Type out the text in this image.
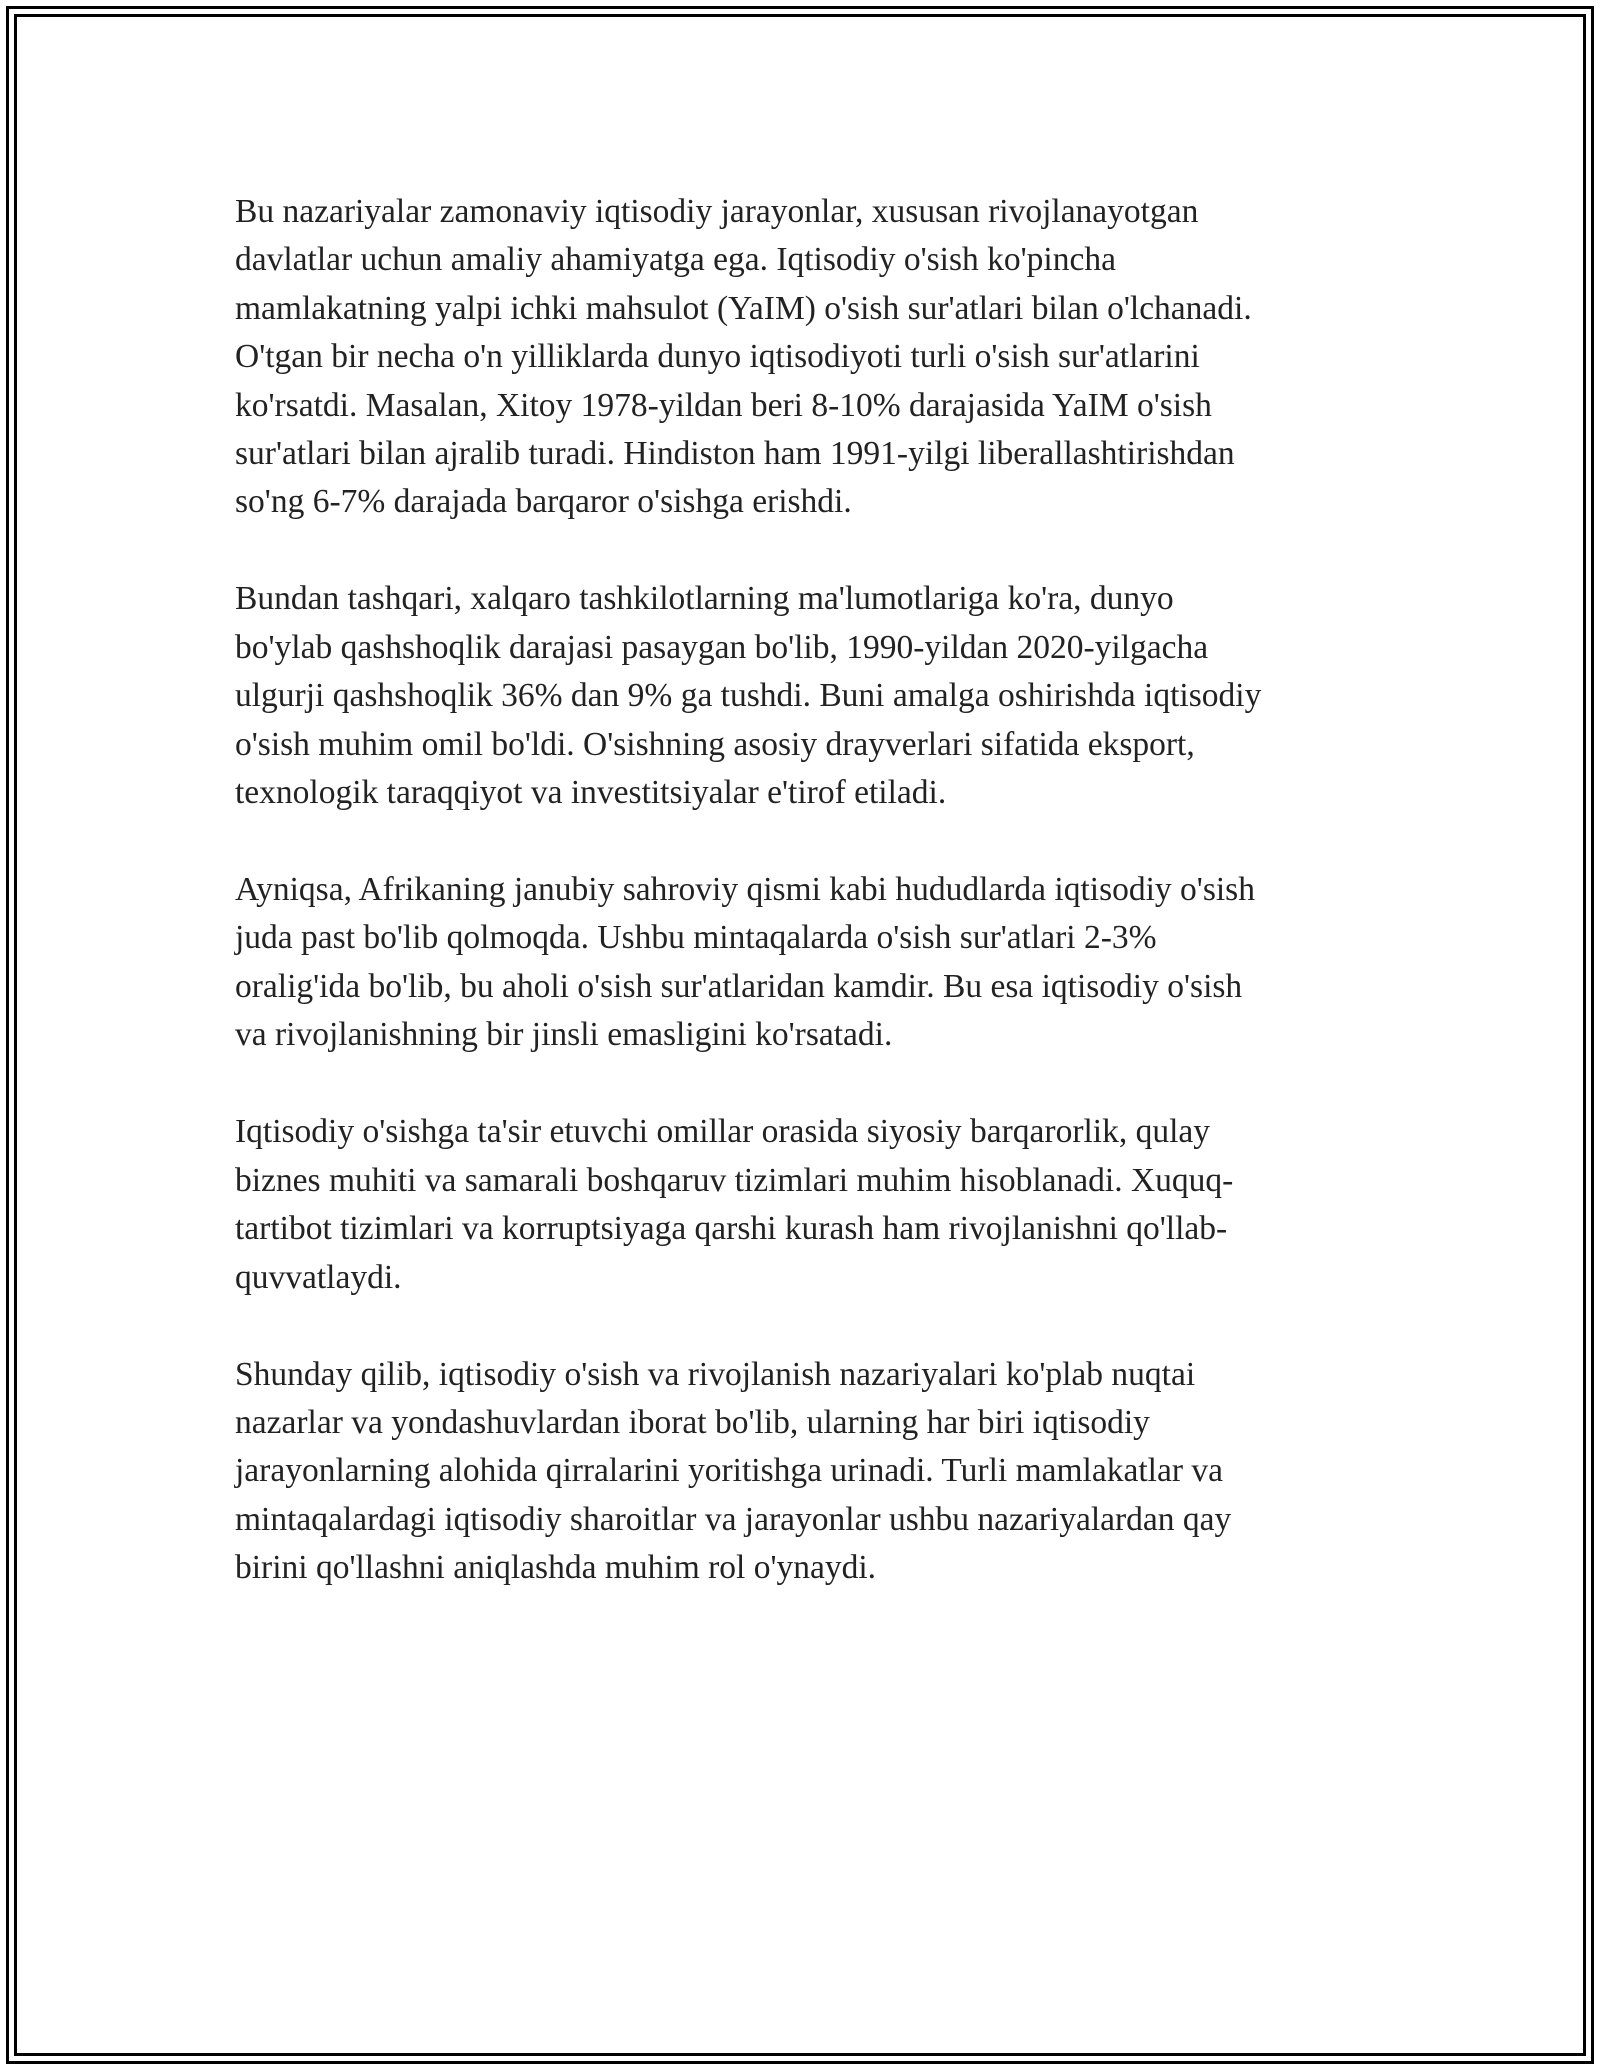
Bu nazariyalar zamonaviy iqtisodiy jarayonlar, xususan rivojlanayotgan
davlatlar uchun amaliy ahamiyatga ega. Iqtisodiy o'sish ko'pincha
mamlakatning yalpi ichki mahsulot (YaIM) o'sish sur'atlari bilan o'lchanadi.
O'tgan bir necha o'n yilliklarda dunyo iqtisodiyoti turli o'sish sur'atlarini
ko'rsatdi. Masalan, Xitoy 1978-yildan beri 8-10% darajasida YaIM o'sish
sur'atlari bilan ajralib turadi. Hindiston ham 1991-yilgi liberallashtirishdan
so'ng 6-7% darajada barqaror o'sishga erishdi.

Bundan tashqari, xalqaro tashkilotlarning ma'lumotlariga ko'ra, dunyo
bo'ylab qashshoqlik darajasi pasaygan bo'lib, 1990-yildan 2020-yilgacha
ulgurji qashshoqlik 36% dan 9% ga tushdi. Buni amalga oshirishda iqtisodiy
o'sish muhim omil bo'ldi. O'sishning asosiy drayverlari sifatida eksport,
texnologik taraqqiyot va investitsiyalar e'tirof etiladi.

Ayniqsa, Afrikaning janubiy sahroviy qismi kabi hududlarda iqtisodiy o'sish
juda past bo'lib qolmoqda. Ushbu mintaqalarda o'sish sur'atlari 2-3%
oralig'ida bo'lib, bu aholi o'sish sur'atlaridan kamdir. Bu esa iqtisodiy o'sish
va rivojlanishning bir jinsli emasligini ko'rsatadi.

Iqtisodiy o'sishga ta'sir etuvchi omillar orasida siyosiy barqarorlik, qulay
biznes muhiti va samarali boshqaruv tizimlari muhim hisoblanadi. Xuquq-
tartibot tizimlari va korruptsiyaga qarshi kurash ham rivojlanishni qo'llab-
quvvatlaydi.

Shunday qilib, iqtisodiy o'sish va rivojlanish nazariyalari ko'plab nuqtai
nazarlar va yondashuvlardan iborat bo'lib, ularning har biri iqtisodiy
jarayonlarning alohida qirralarini yoritishga urinadi. Turli mamlakatlar va
mintaqalardagi iqtisodiy sharoitlar va jarayonlar ushbu nazariyalardan qay
birini qo'llashni aniqlashda muhim rol o'ynaydi.
